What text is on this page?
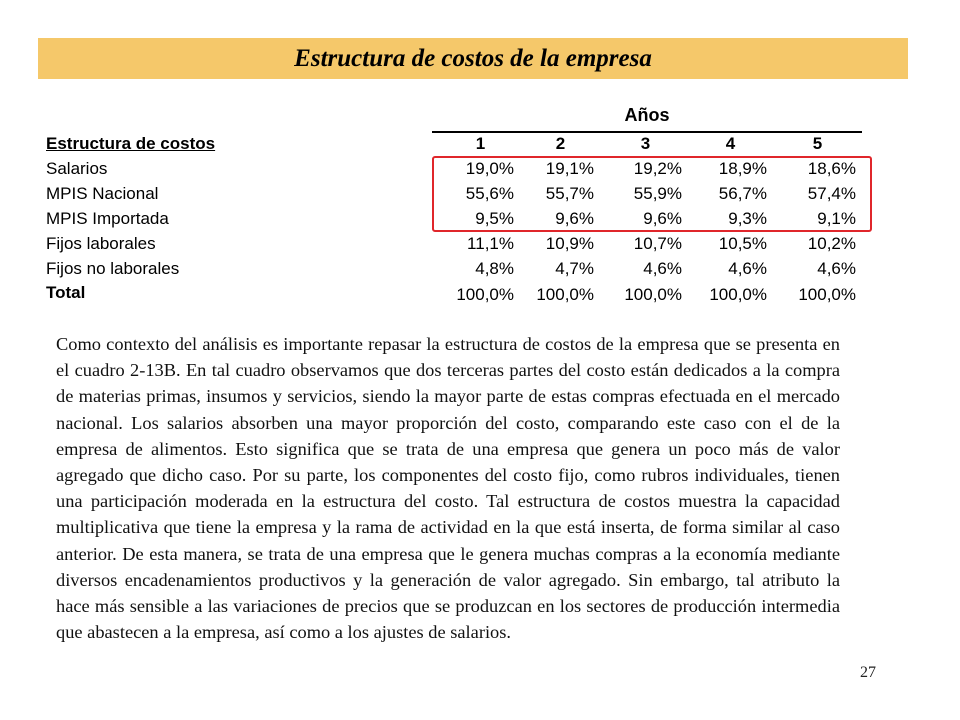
Estructura de costos de la empresa
Años
Estructura de costos	1	2	3	4	5
Salarios	19,0%	19,1%	19,2%	18,9%	18,6%
MPIS Nacional	55,6%	55,7%	55,9%	56,7%	57,4%
MPIS Importada	9,5%	9,6%	9,6%	9,3%	9,1%
Fijos laborales	11,1%	10,9%	10,7%	10,5%	10,2%
Fijos no laborales	4,8%	4,7%	4,6%	4,6%	4,6%
Total	100,0%	100,0%	100,0%	100,0%	100,0%
Como contexto del análisis es importante repasar la estructura de costos de la empresa que se presenta en el cuadro 2-13B. En tal cuadro observamos que dos terceras partes del costo están dedicados a la compra de materias primas, insumos y servicios, siendo la mayor parte de estas compras efectuada en el mercado nacional. Los salarios absorben una mayor proporción del costo, comparando este caso con el de la empresa de alimentos. Esto significa que se trata de una empresa que genera un poco más de valor agregado que dicho caso. Por su parte, los componentes del costo fijo, como rubros individuales, tienen una participación moderada en la estructura del costo. Tal estructura de costos muestra la capacidad multiplicativa que tiene la empresa y la rama de actividad en la que está inserta, de forma similar al caso anterior. De esta manera, se trata de una empresa que le genera muchas compras a la economía mediante diversos encadenamientos productivos y la generación de valor agregado. Sin embargo, tal atributo la hace más sensible a las variaciones de precios que se produzcan en los sectores de producción intermedia que abastecen a la empresa, así como a los ajustes de salarios.
27
